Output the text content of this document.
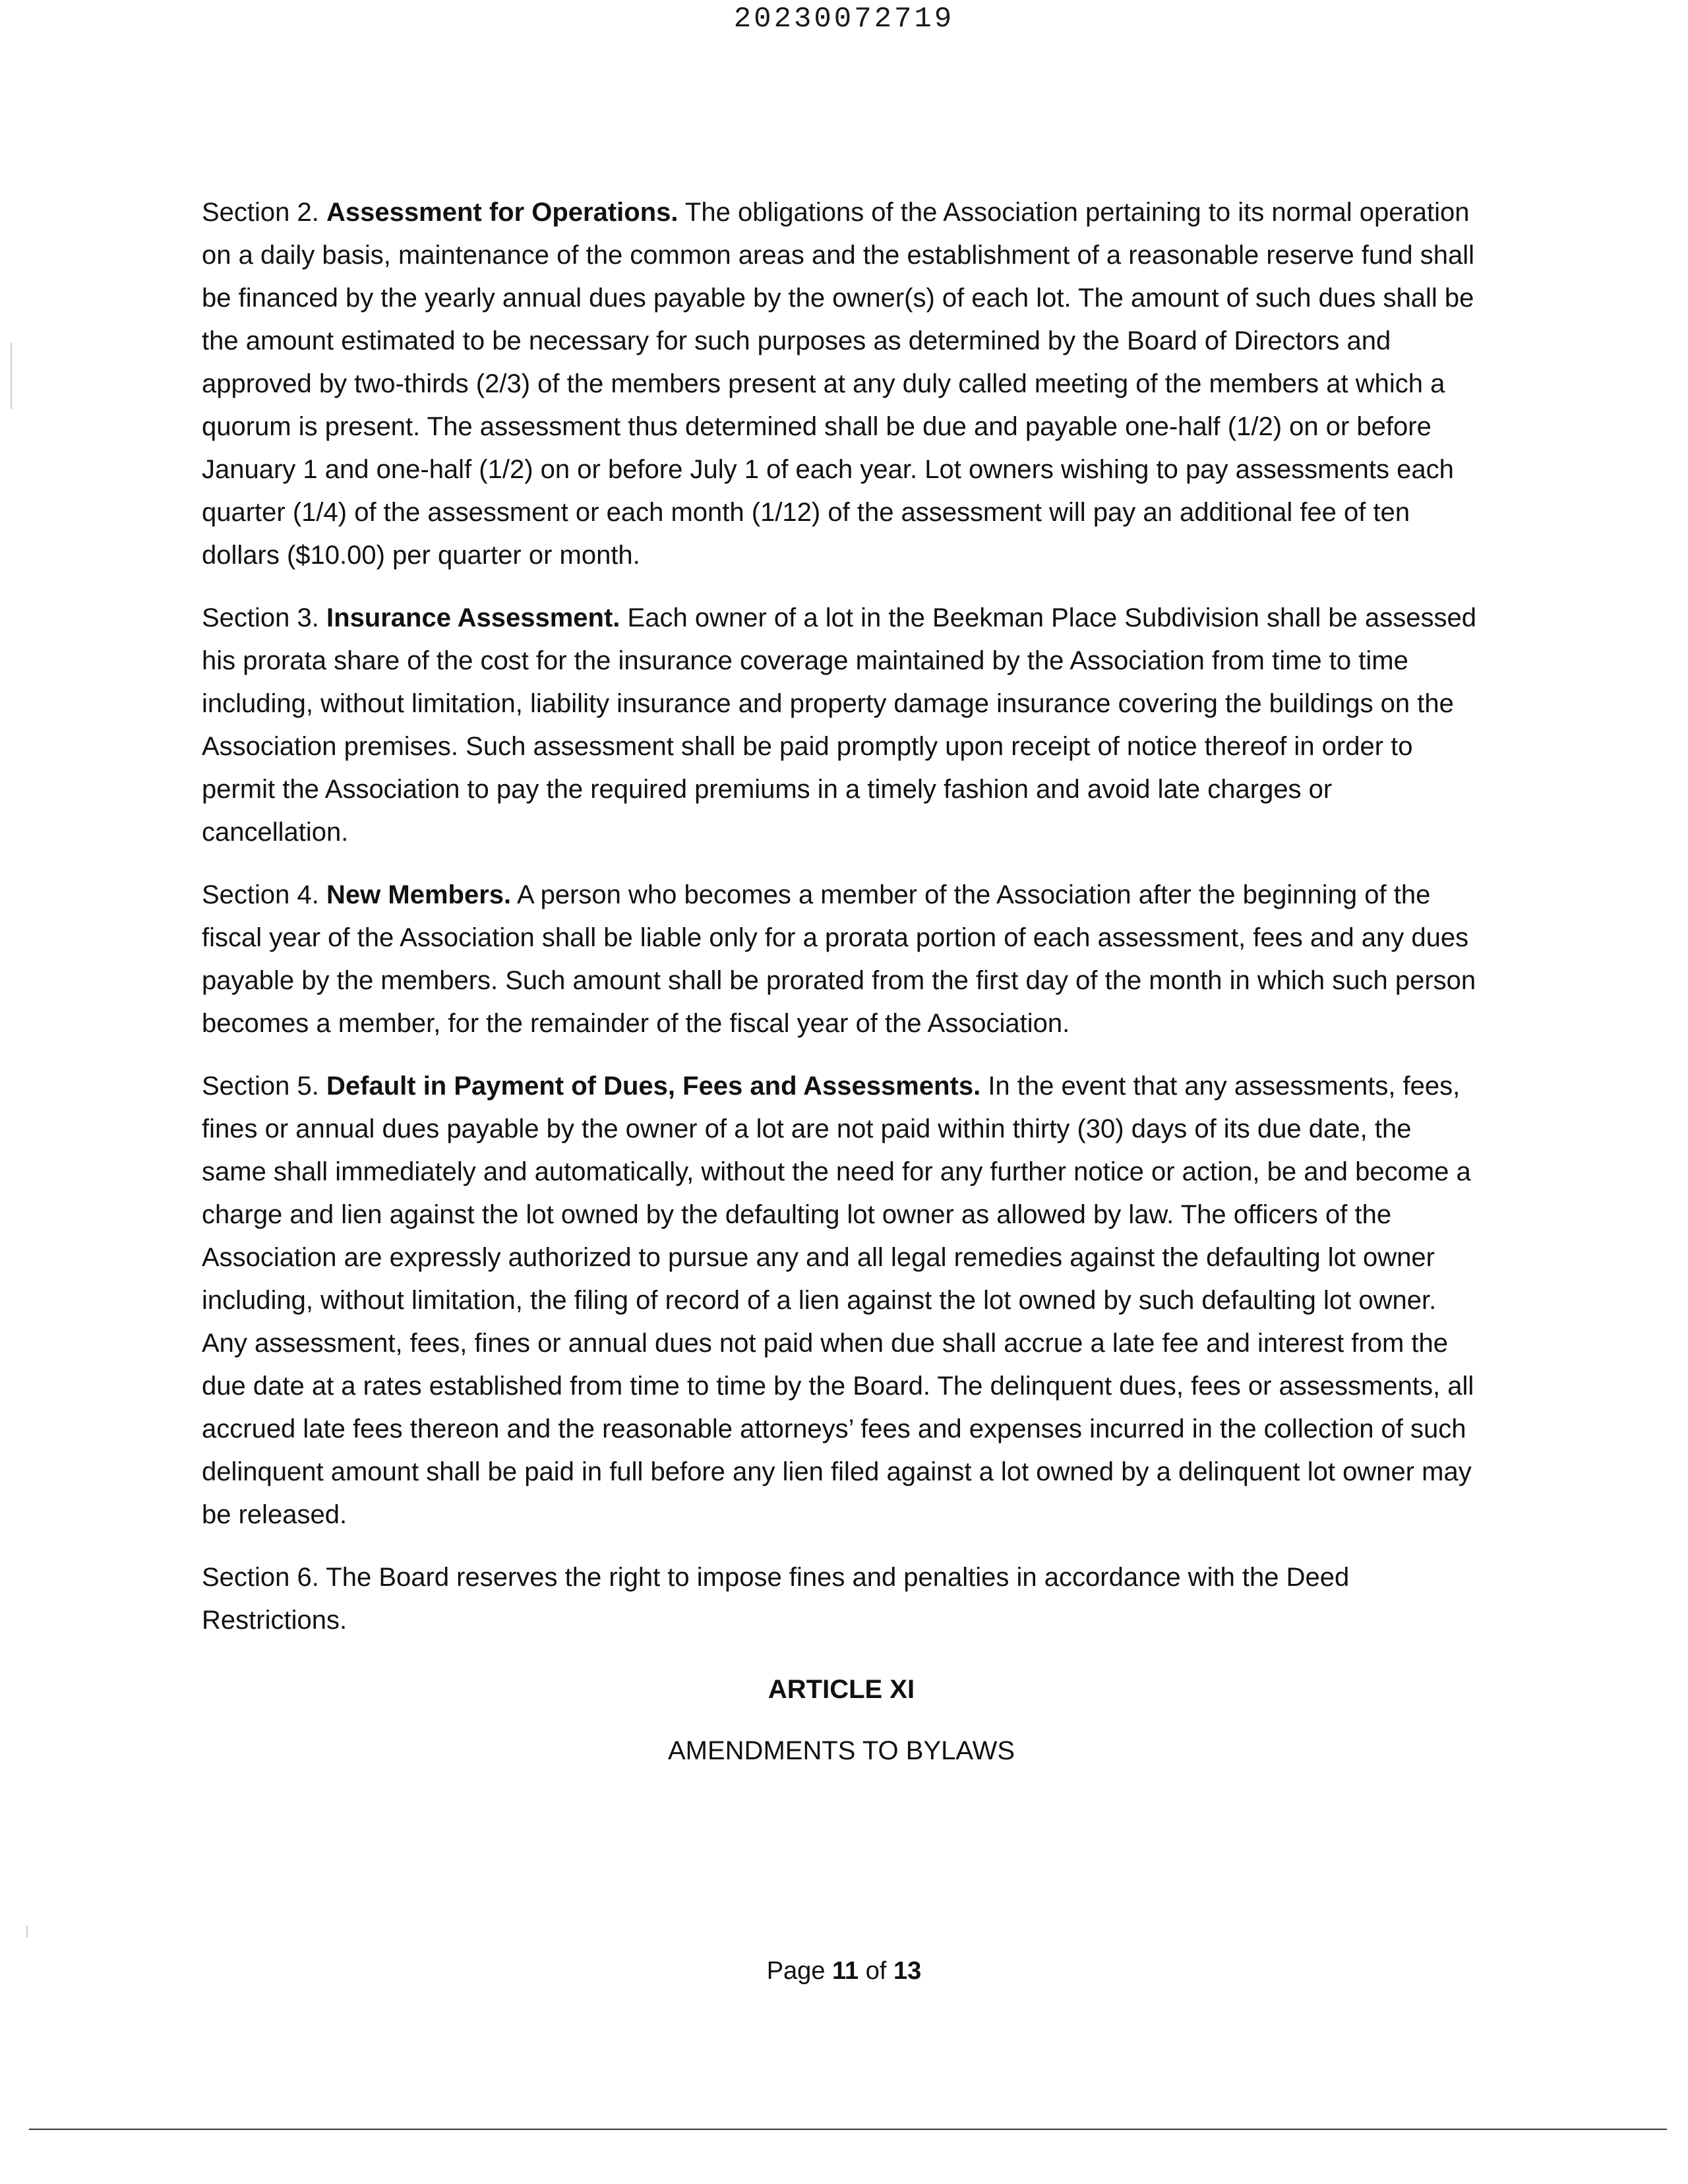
20230072719

Section 2. Assessment for Operations. The obligations of the Association pertaining to its normal operation on a daily basis, maintenance of the common areas and the establishment of a reasonable reserve fund shall be financed by the yearly annual dues payable by the owner(s) of each lot. The amount of such dues shall be the amount estimated to be necessary for such purposes as determined by the Board of Directors and approved by two-thirds (2/3) of the members present at any duly called meeting of the members at which a quorum is present. The assessment thus determined shall be due and payable one-half (1/2) on or before January 1 and one-half (1/2) on or before July 1 of each year. Lot owners wishing to pay assessments each quarter (1/4) of the assessment or each month (1/12) of the assessment will pay an additional fee of ten dollars ($10.00) per quarter or month.

Section 3. Insurance Assessment. Each owner of a lot in the Beekman Place Subdivision shall be assessed his prorata share of the cost for the insurance coverage maintained by the Association from time to time including, without limitation, liability insurance and property damage insurance covering the buildings on the Association premises. Such assessment shall be paid promptly upon receipt of notice thereof in order to permit the Association to pay the required premiums in a timely fashion and avoid late charges or cancellation.

Section 4. New Members. A person who becomes a member of the Association after the beginning of the fiscal year of the Association shall be liable only for a prorata portion of each assessment, fees and any dues payable by the members. Such amount shall be prorated from the first day of the month in which such person becomes a member, for the remainder of the fiscal year of the Association.

Section 5. Default in Payment of Dues, Fees and Assessments. In the event that any assessments, fees, fines or annual dues payable by the owner of a lot are not paid within thirty (30) days of its due date, the same shall immediately and automatically, without the need for any further notice or action, be and become a charge and lien against the lot owned by the defaulting lot owner as allowed by law. The officers of the Association are expressly authorized to pursue any and all legal remedies against the defaulting lot owner including, without limitation, the filing of record of a lien against the lot owned by such defaulting lot owner. Any assessment, fees, fines or annual dues not paid when due shall accrue a late fee and interest from the due date at a rates established from time to time by the Board. The delinquent dues, fees or assessments, all accrued late fees thereon and the reasonable attorneys’ fees and expenses incurred in the collection of such delinquent amount shall be paid in full before any lien filed against a lot owned by a delinquent lot owner may be released.

Section 6. The Board reserves the right to impose fines and penalties in accordance with the Deed Restrictions.

ARTICLE XI
AMENDMENTS TO BYLAWS
Page 11 of 13
